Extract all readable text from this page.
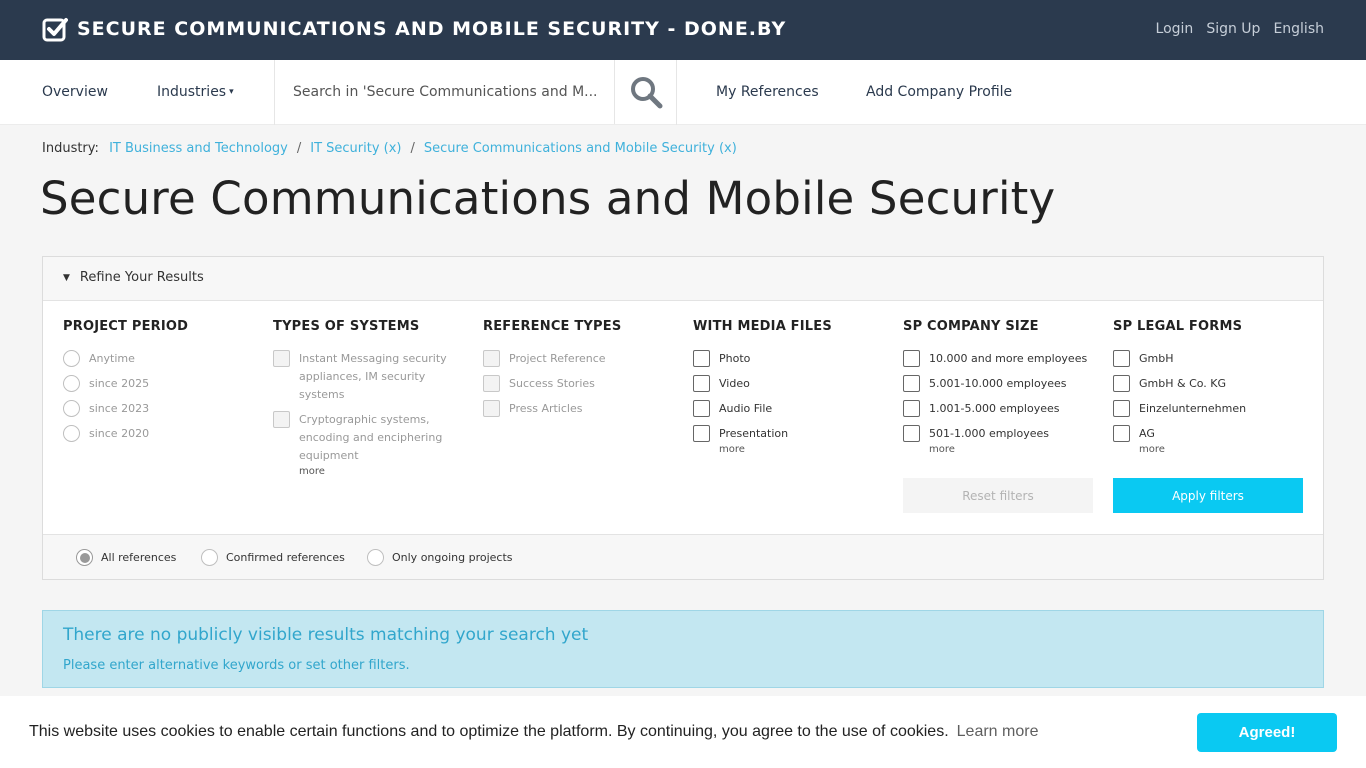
SECURE COMMUNICATIONS AND MOBILE SECURITY - DONE.BY	Login Sign Up English
Overview	Industries ▾
Search in 'Secure Communications and M...	My References	Add Company Profile
Industry: IT Business and Technology / IT Security (x) / Secure Communications and Mobile Security (x)
Secure Communications and Mobile Security
▼ Refine Your Results
PROJECT PERIOD
Anytime
since 2025
since 2023
since 2020
TYPES OF SYSTEMS
Instant Messaging security appliances, IM security systems
Cryptographic systems, encoding and enciphering equipment
more
REFERENCE TYPES
Project Reference
Success Stories
Press Articles
WITH MEDIA FILES
Photo
Video
Audio File
Presentation
more
SP COMPANY SIZE
10.000 and more employees
5.001-10.000 employees
1.001-5.000 employees
501-1.000 employees
more
SP LEGAL FORMS
GmbH
GmbH & Co. KG
Einzelunternehmen
AG
more
Reset filters	Apply filters
All references	Confirmed references	Only ongoing projects
There are no publicly visible results matching your search yet
Please enter alternative keywords or set other filters.
This website uses cookies to enable certain functions and to optimize the platform. By continuing, you agree to the use of cookies. Learn more	Agreed!
